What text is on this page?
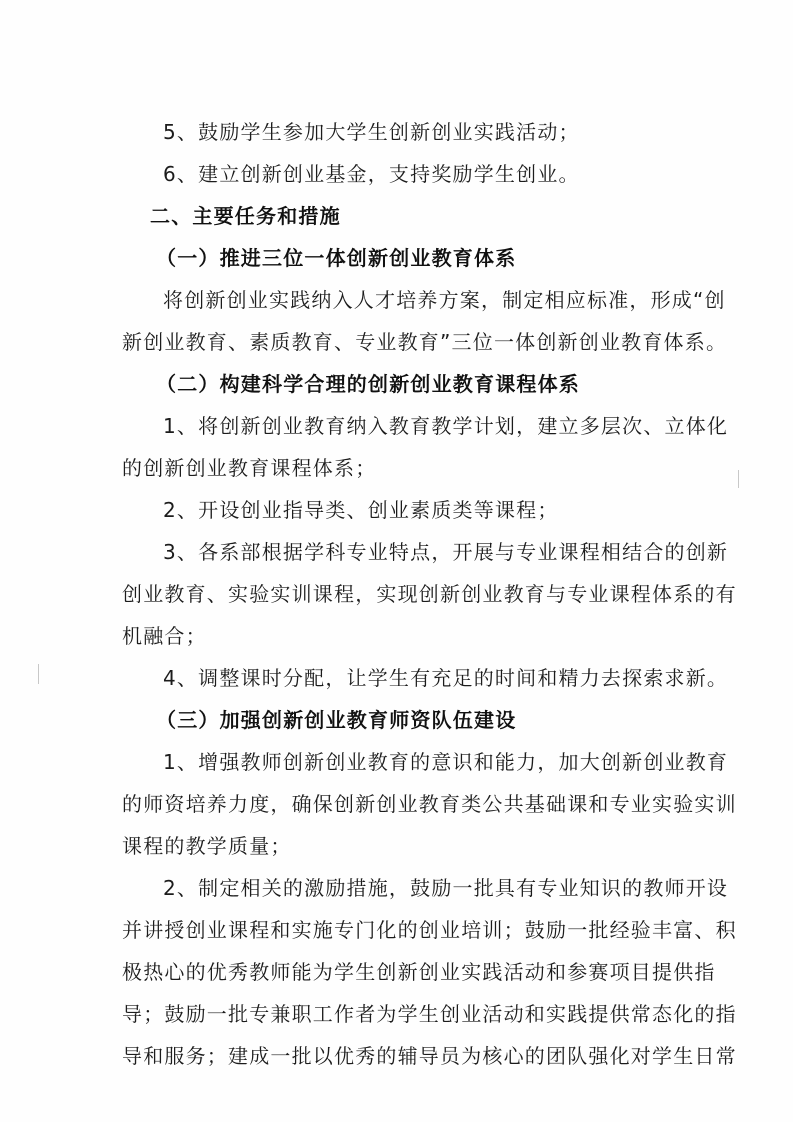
5、鼓励学生参加大学生创新创业实践活动；
6、建立创新创业基金，支持奖励学生创业。
二、主要任务和措施
（一）推进三位一体创新创业教育体系
将创新创业实践纳入人才培养方案，制定相应标准，形成“创
新创业教育、素质教育、专业教育”三位一体创新创业教育体系。
（二）构建科学合理的创新创业教育课程体系
1、将创新创业教育纳入教育教学计划，建立多层次、立体化
的创新创业教育课程体系；
2、开设创业指导类、创业素质类等课程；
3、各系部根据学科专业特点，开展与专业课程相结合的创新
创业教育、实验实训课程，实现创新创业教育与专业课程体系的有
机融合；
4、调整课时分配，让学生有充足的时间和精力去探索求新。
（三）加强创新创业教育师资队伍建设
1、增强教师创新创业教育的意识和能力，加大创新创业教育
的师资培养力度，确保创新创业教育类公共基础课和专业实验实训
课程的教学质量；
2、制定相关的激励措施，鼓励一批具有专业知识的教师开设
并讲授创业课程和实施专门化的创业培训；鼓励一批经验丰富、积
极热心的优秀教师能为学生创新创业实践活动和参赛项目提供指
导；鼓励一批专兼职工作者为学生创业活动和实践提供常态化的指
导和服务；建成一批以优秀的辅导员为核心的团队强化对学生日常
